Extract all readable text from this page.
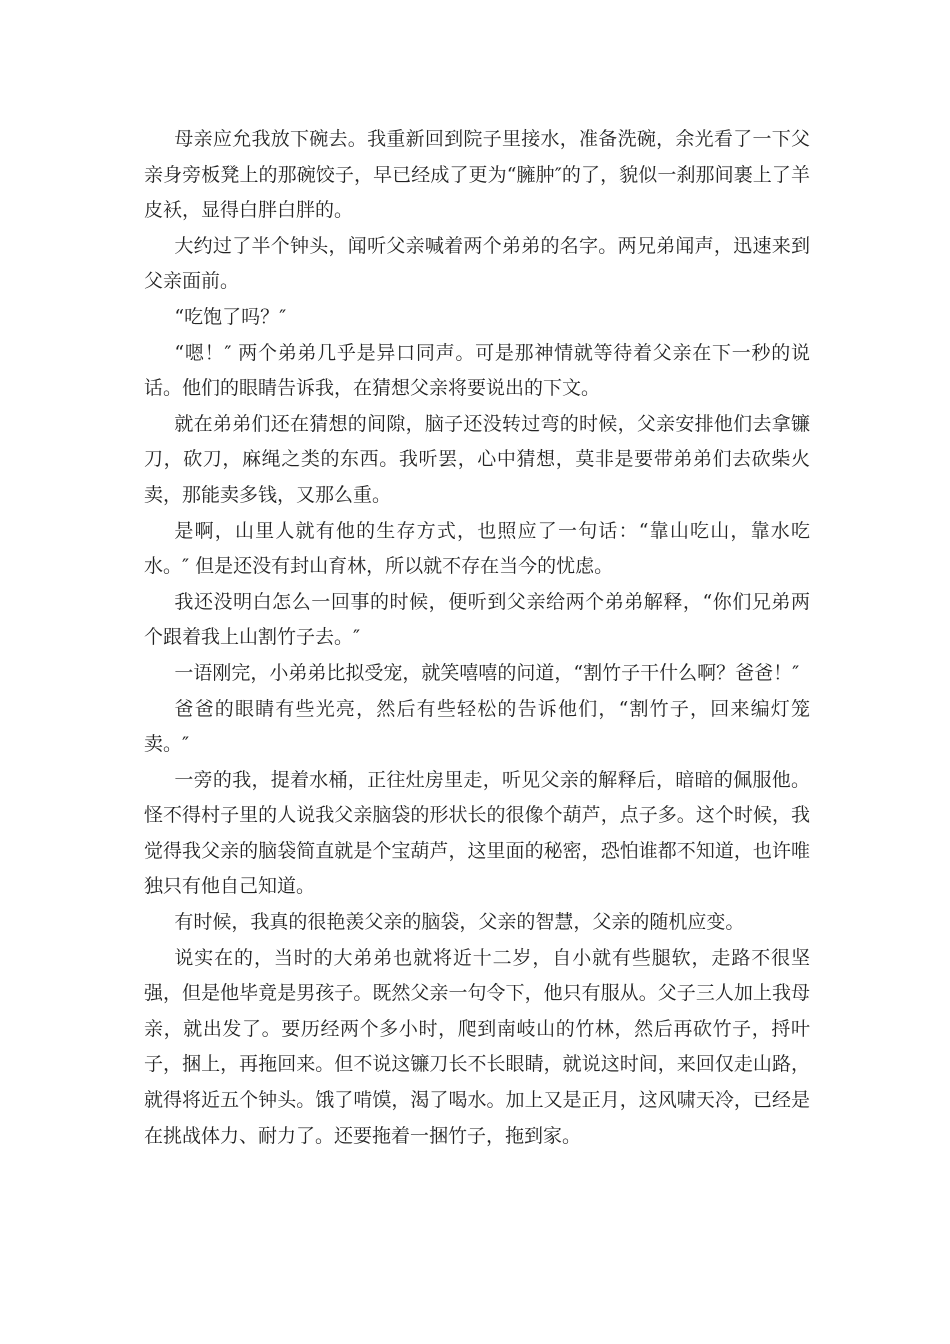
母亲应允我放下碗去。我重新回到院子里接水，准备洗碗，余光看了一下父亲身旁板凳上的那碗饺子，早已经成了更为“臃肿″的了，貌似一刹那间裹上了羊皮袄，显得白胖白胖的。

大约过了半个钟头，闻听父亲喊着两个弟弟的名字。两兄弟闻声，迅速来到父亲面前。

“吃饱了吗？″

“嗯！″ 两个弟弟几乎是异口同声。可是那神情就等待着父亲在下一秒的说话。他们的眼睛告诉我，在猜想父亲将要说出的下文。

就在弟弟们还在猜想的间隙，脑子还没转过弯的时候，父亲安排他们去拿镰刀，砍刀，麻绳之类的东西。我听罢，心中猜想，莫非是要带弟弟们去砍柴火卖，那能卖多钱，又那么重。

是啊，山里人就有他的生存方式，也照应了一句话：“靠山吃山，靠水吃水。″ 但是还没有封山育林，所以就不存在当今的忧虑。

我还没明白怎么一回事的时候，便听到父亲给两个弟弟解释，“你们兄弟两个跟着我上山割竹子去。″

一语刚完，小弟弟比拟受宠，就笑嘻嘻的问道，“割竹子干什么啊？爸爸！″

爸爸的眼睛有些光亮，然后有些轻松的告诉他们，“割竹子，回来编灯笼卖。″

一旁的我，提着水桶，正往灶房里走，听见父亲的解释后，暗暗的佩服他。怪不得村子里的人说我父亲脑袋的形状长的很像个葫芦，点子多。这个时候，我觉得我父亲的脑袋简直就是个宝葫芦，这里面的秘密，恐怕谁都不知道，也许唯独只有他自己知道。

有时候，我真的很艳羡父亲的脑袋，父亲的智慧，父亲的随机应变。

说实在的，当时的大弟弟也就将近十二岁，自小就有些腿软，走路不很坚强，但是他毕竟是男孩子。既然父亲一句令下，他只有服从。父子三人加上我母亲，就出发了。要历经两个多小时，爬到南岐山的竹林，然后再砍竹子，捋叶子，捆上，再拖回来。但不说这镰刀长不长眼睛，就说这时间，来回仅走山路，就得将近五个钟头。饿了啃馍，渴了喝水。加上又是正月，这风啸天冷，已经是在挑战体力、耐力了。还要拖着一捆竹子，拖到家。
